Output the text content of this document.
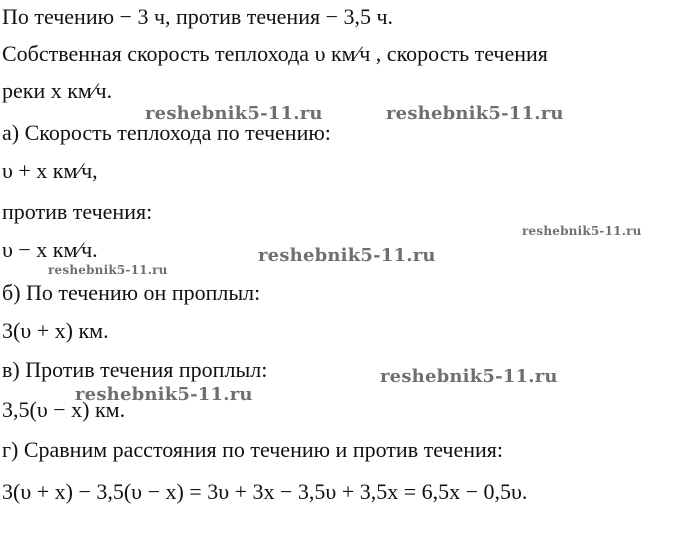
По течению − 3 ч, против течения − 3,5 ч.
Собственная скорость теплохода υ км⁄ч , скорость течения
реки x км⁄ч.
а) Скорость теплохода по течению:
υ + x км⁄ч,
против течения:
υ − x км⁄ч.
б) По течению он проплыл:
3(υ + x) км.
в) Против течения проплыл:
3,5(υ − x) км.
г) Сравним расстояния по течению и против течения:
3(υ + x) − 3,5(υ − x) = 3υ + 3x − 3,5υ + 3,5x = 6,5x − 0,5υ.
reshebnik5-11.ru	reshebnik5-11.ru
reshebnik5-11.ru
reshebnik5-11.ru
reshebnik5-11.ru
reshebnik5-11.ru
reshebnik5-11.ru
